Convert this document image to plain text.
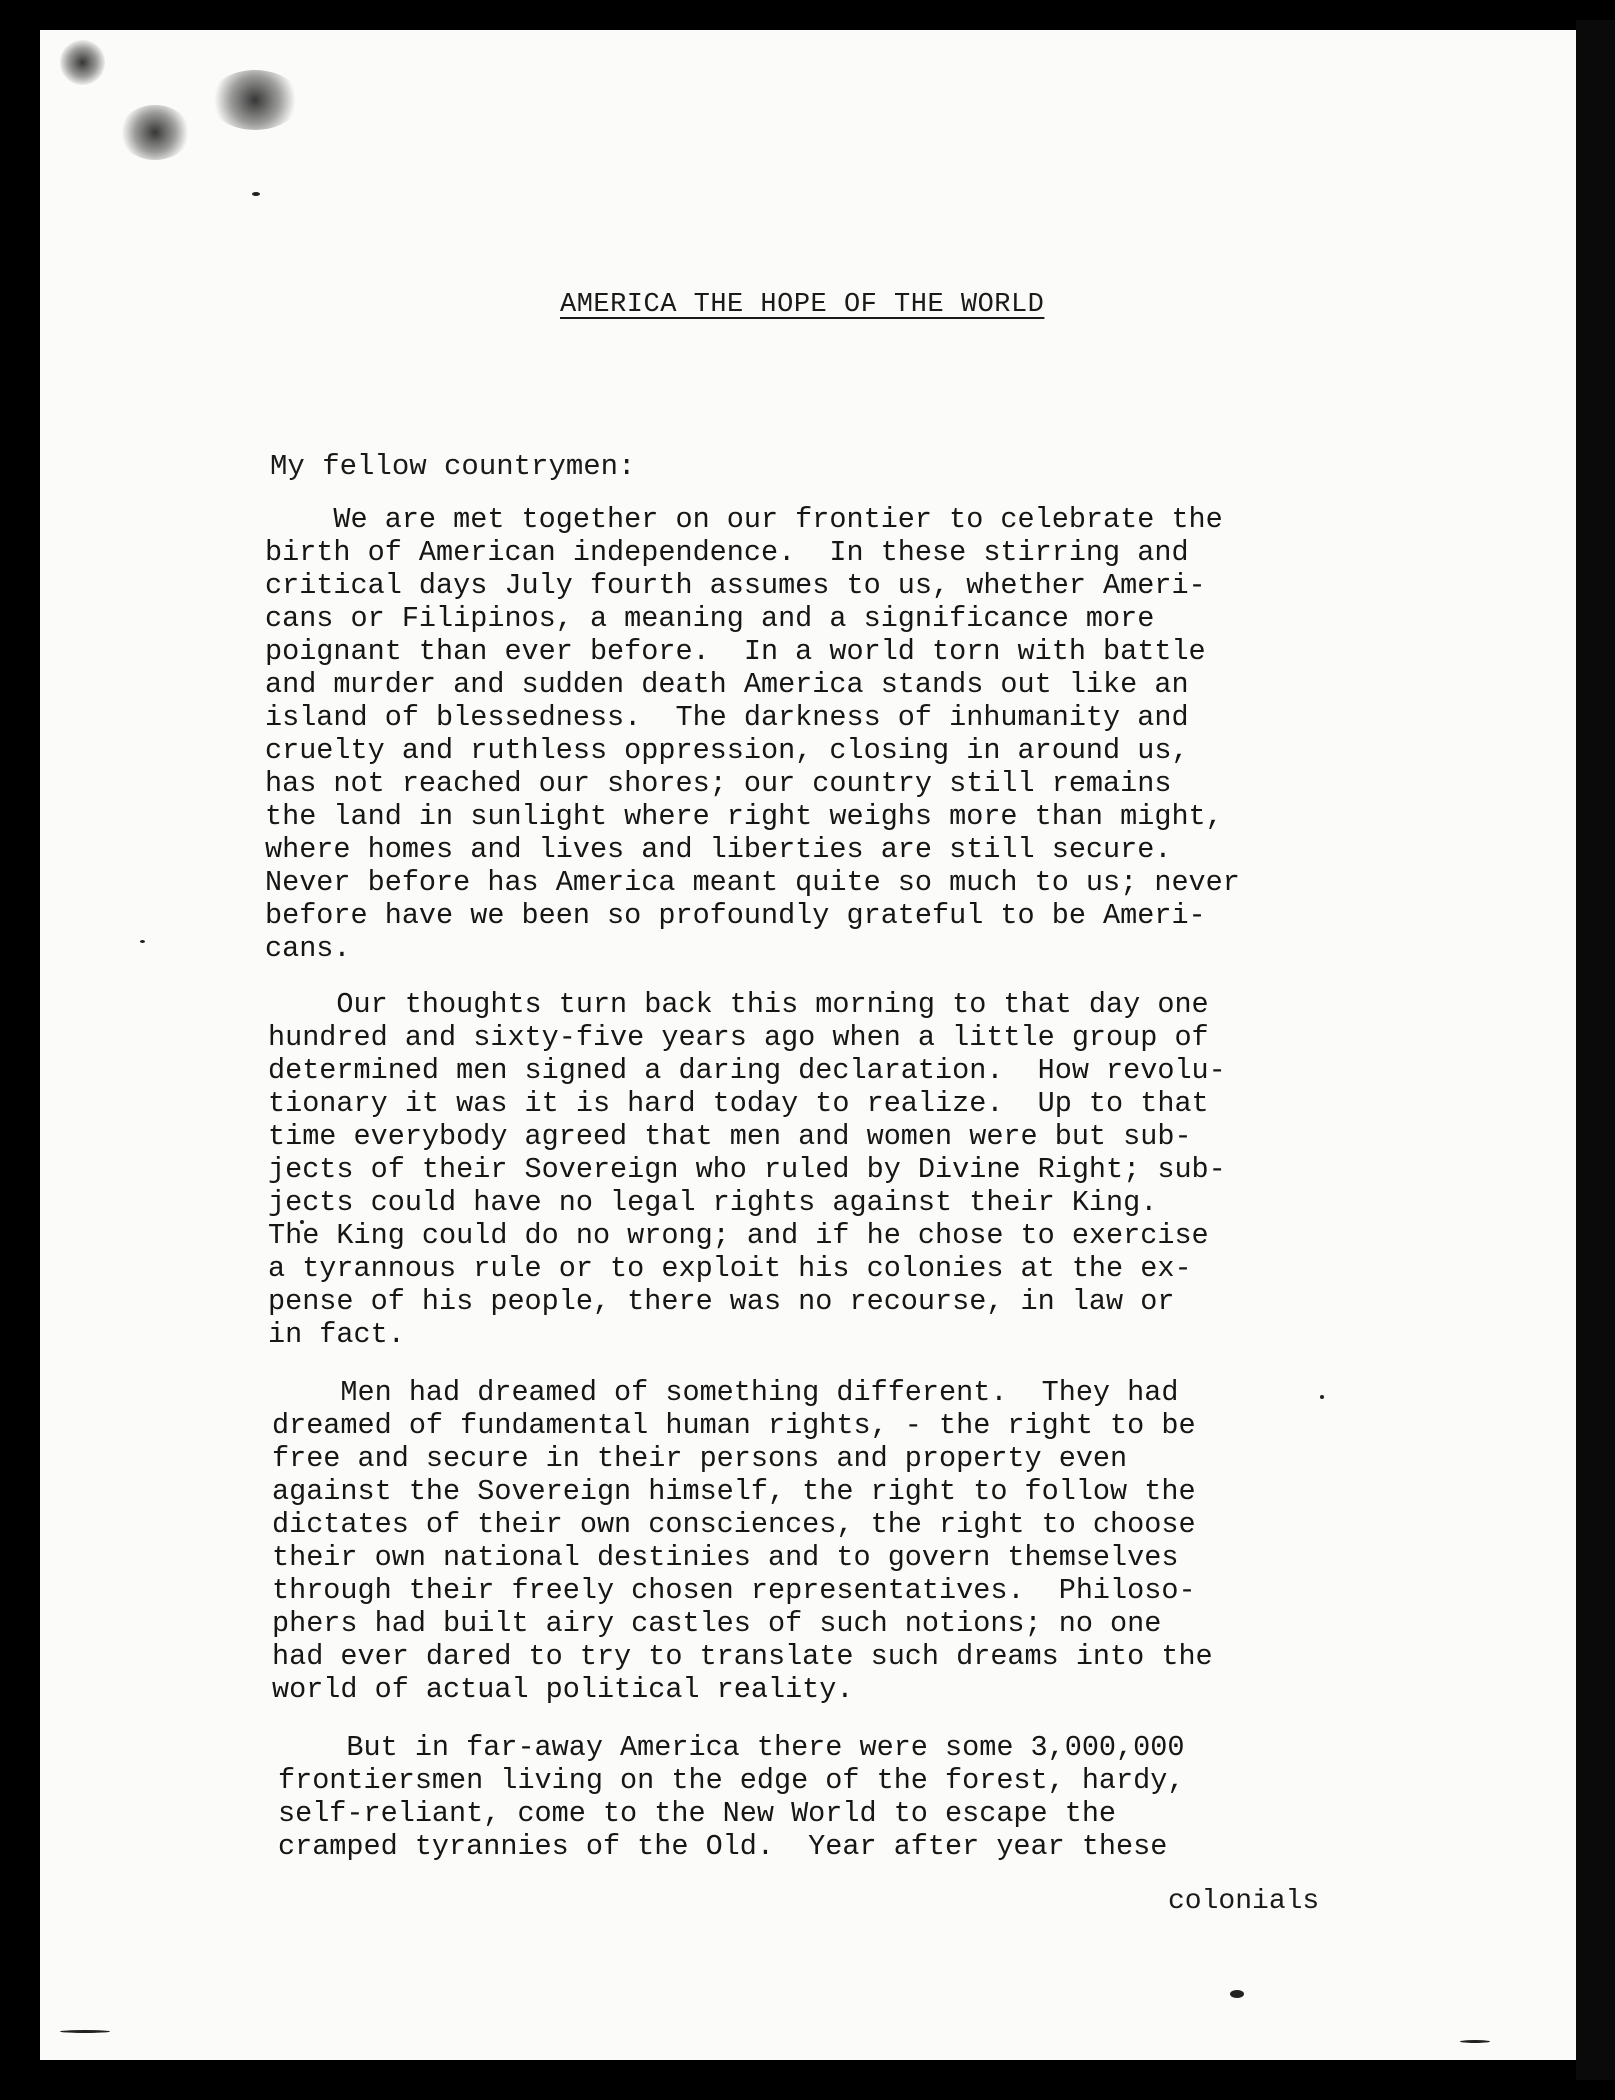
AMERICA THE HOPE OF THE WORLD
My fellow countrymen:
We are met together on our frontier to celebrate the
birth of American independence.  In these stirring and
critical days July fourth assumes to us, whether Ameri-
cans or Filipinos, a meaning and a significance more
poignant than ever before.  In a world torn with battle
and murder and sudden death America stands out like an
island of blessedness.  The darkness of inhumanity and
cruelty and ruthless oppression, closing in around us,
has not reached our shores; our country still remains
the land in sunlight where right weighs more than might,
where homes and lives and liberties are still secure.
Never before has America meant quite so much to us; never
before have we been so profoundly grateful to be Ameri-
cans.
Our thoughts turn back this morning to that day one
hundred and sixty-five years ago when a little group of
determined men signed a daring declaration.  How revolu-
tionary it was it is hard today to realize.  Up to that
time everybody agreed that men and women were but sub-
jects of their Sovereign who ruled by Divine Right; sub-
jects could have no legal rights against their King.
The King could do no wrong; and if he chose to exercise
a tyrannous rule or to exploit his colonies at the ex-
pense of his people, there was no recourse, in law or
in fact.
Men had dreamed of something different.  They had
dreamed of fundamental human rights, - the right to be
free and secure in their persons and property even
against the Sovereign himself, the right to follow the
dictates of their own consciences, the right to choose
their own national destinies and to govern themselves
through their freely chosen representatives.  Philoso-
phers had built airy castles of such notions; no one
had ever dared to try to translate such dreams into the
world of actual political reality.
But in far-away America there were some 3,000,000
frontiersmen living on the edge of the forest, hardy,
self-reliant, come to the New World to escape the
cramped tyrannies of the Old.  Year after year these
colonials
